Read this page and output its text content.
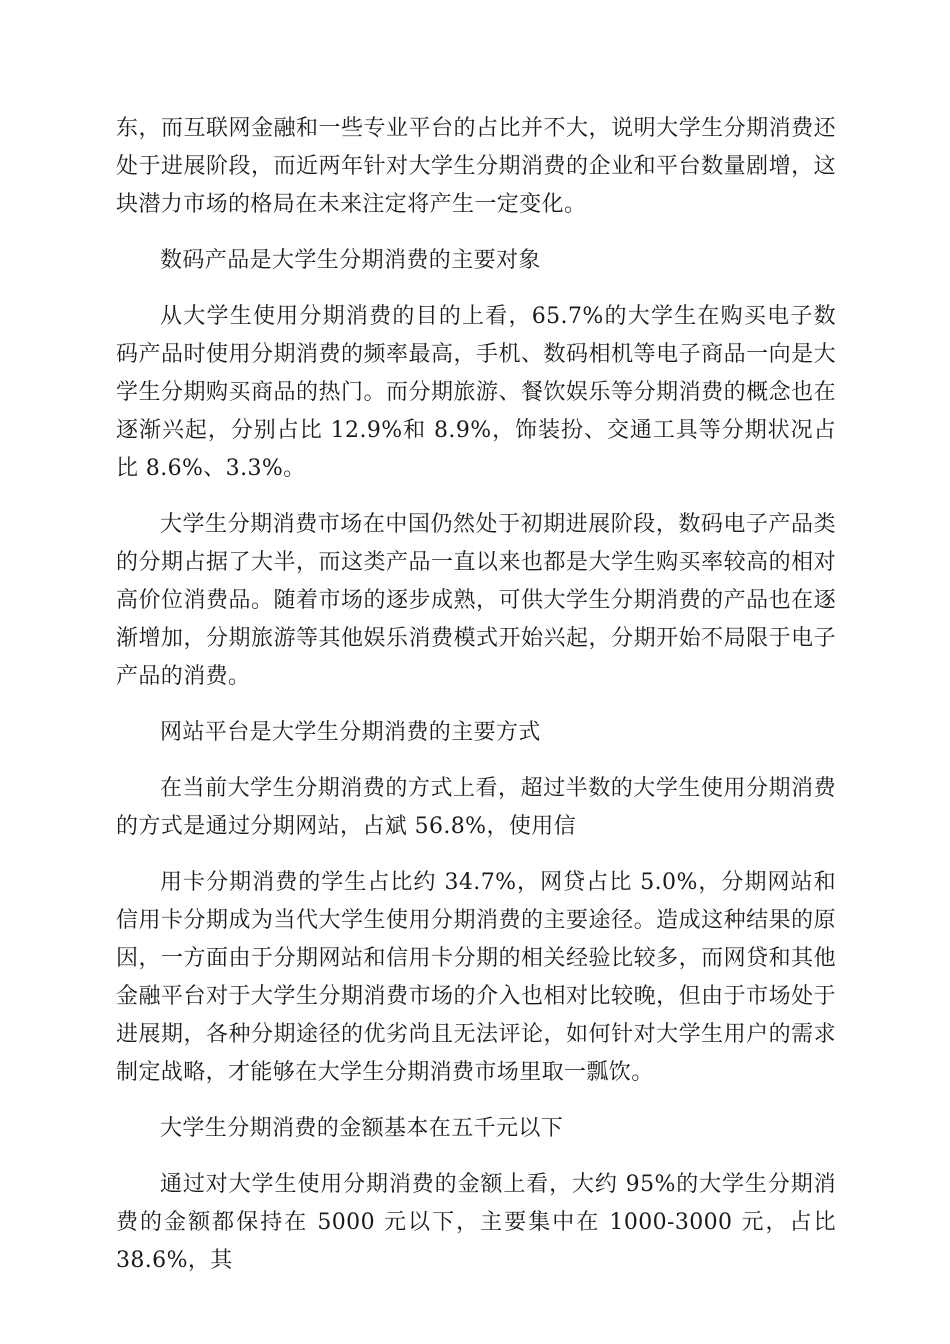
东，而互联网金融和一些专业平台的占比并不大，说明大学生分期消费还处于进展阶段，而近两年针对大学生分期消费的企业和平台数量剧增，这块潜力市场的格局在未来注定将产生一定变化。

数码产品是大学生分期消费的主要对象

从大学生使用分期消费的目的上看，65.7%的大学生在购买电子数码产品时使用分期消费的频率最高，手机、数码相机等电子商品一向是大学生分期购买商品的热门。而分期旅游、餐饮娱乐等分期消费的概念也在逐渐兴起，分别占比 12.9%和 8.9%，饰装扮、交通工具等分期状况占比 8.6%、3.3%。

大学生分期消费市场在中国仍然处于初期进展阶段，数码电子产品类的分期占据了大半，而这类产品一直以来也都是大学生购买率较高的相对高价位消费品。随着市场的逐步成熟，可供大学生分期消费的产品也在逐渐增加，分期旅游等其他娱乐消费模式开始兴起，分期开始不局限于电子产品的消费。

网站平台是大学生分期消费的主要方式

在当前大学生分期消费的方式上看，超过半数的大学生使用分期消费的方式是通过分期网站，占斌 56.8%，使用信

用卡分期消费的学生占比约 34.7%，网贷占比 5.0%，分期网站和信用卡分期成为当代大学生使用分期消费的主要途径。造成这种结果的原因，一方面由于分期网站和信用卡分期的相关经验比较多，而网贷和其他金融平台对于大学生分期消费市场的介入也相对比较晚，但由于市场处于进展期，各种分期途径的优劣尚且无法评论，如何针对大学生用户的需求制定战略，才能够在大学生分期消费市场里取一瓢饮。

大学生分期消费的金额基本在五千元以下

通过对大学生使用分期消费的金额上看，大约 95%的大学生分期消费的金额都保持在 5000 元以下，主要集中在 1000-3000 元，占比 38.6%，其
